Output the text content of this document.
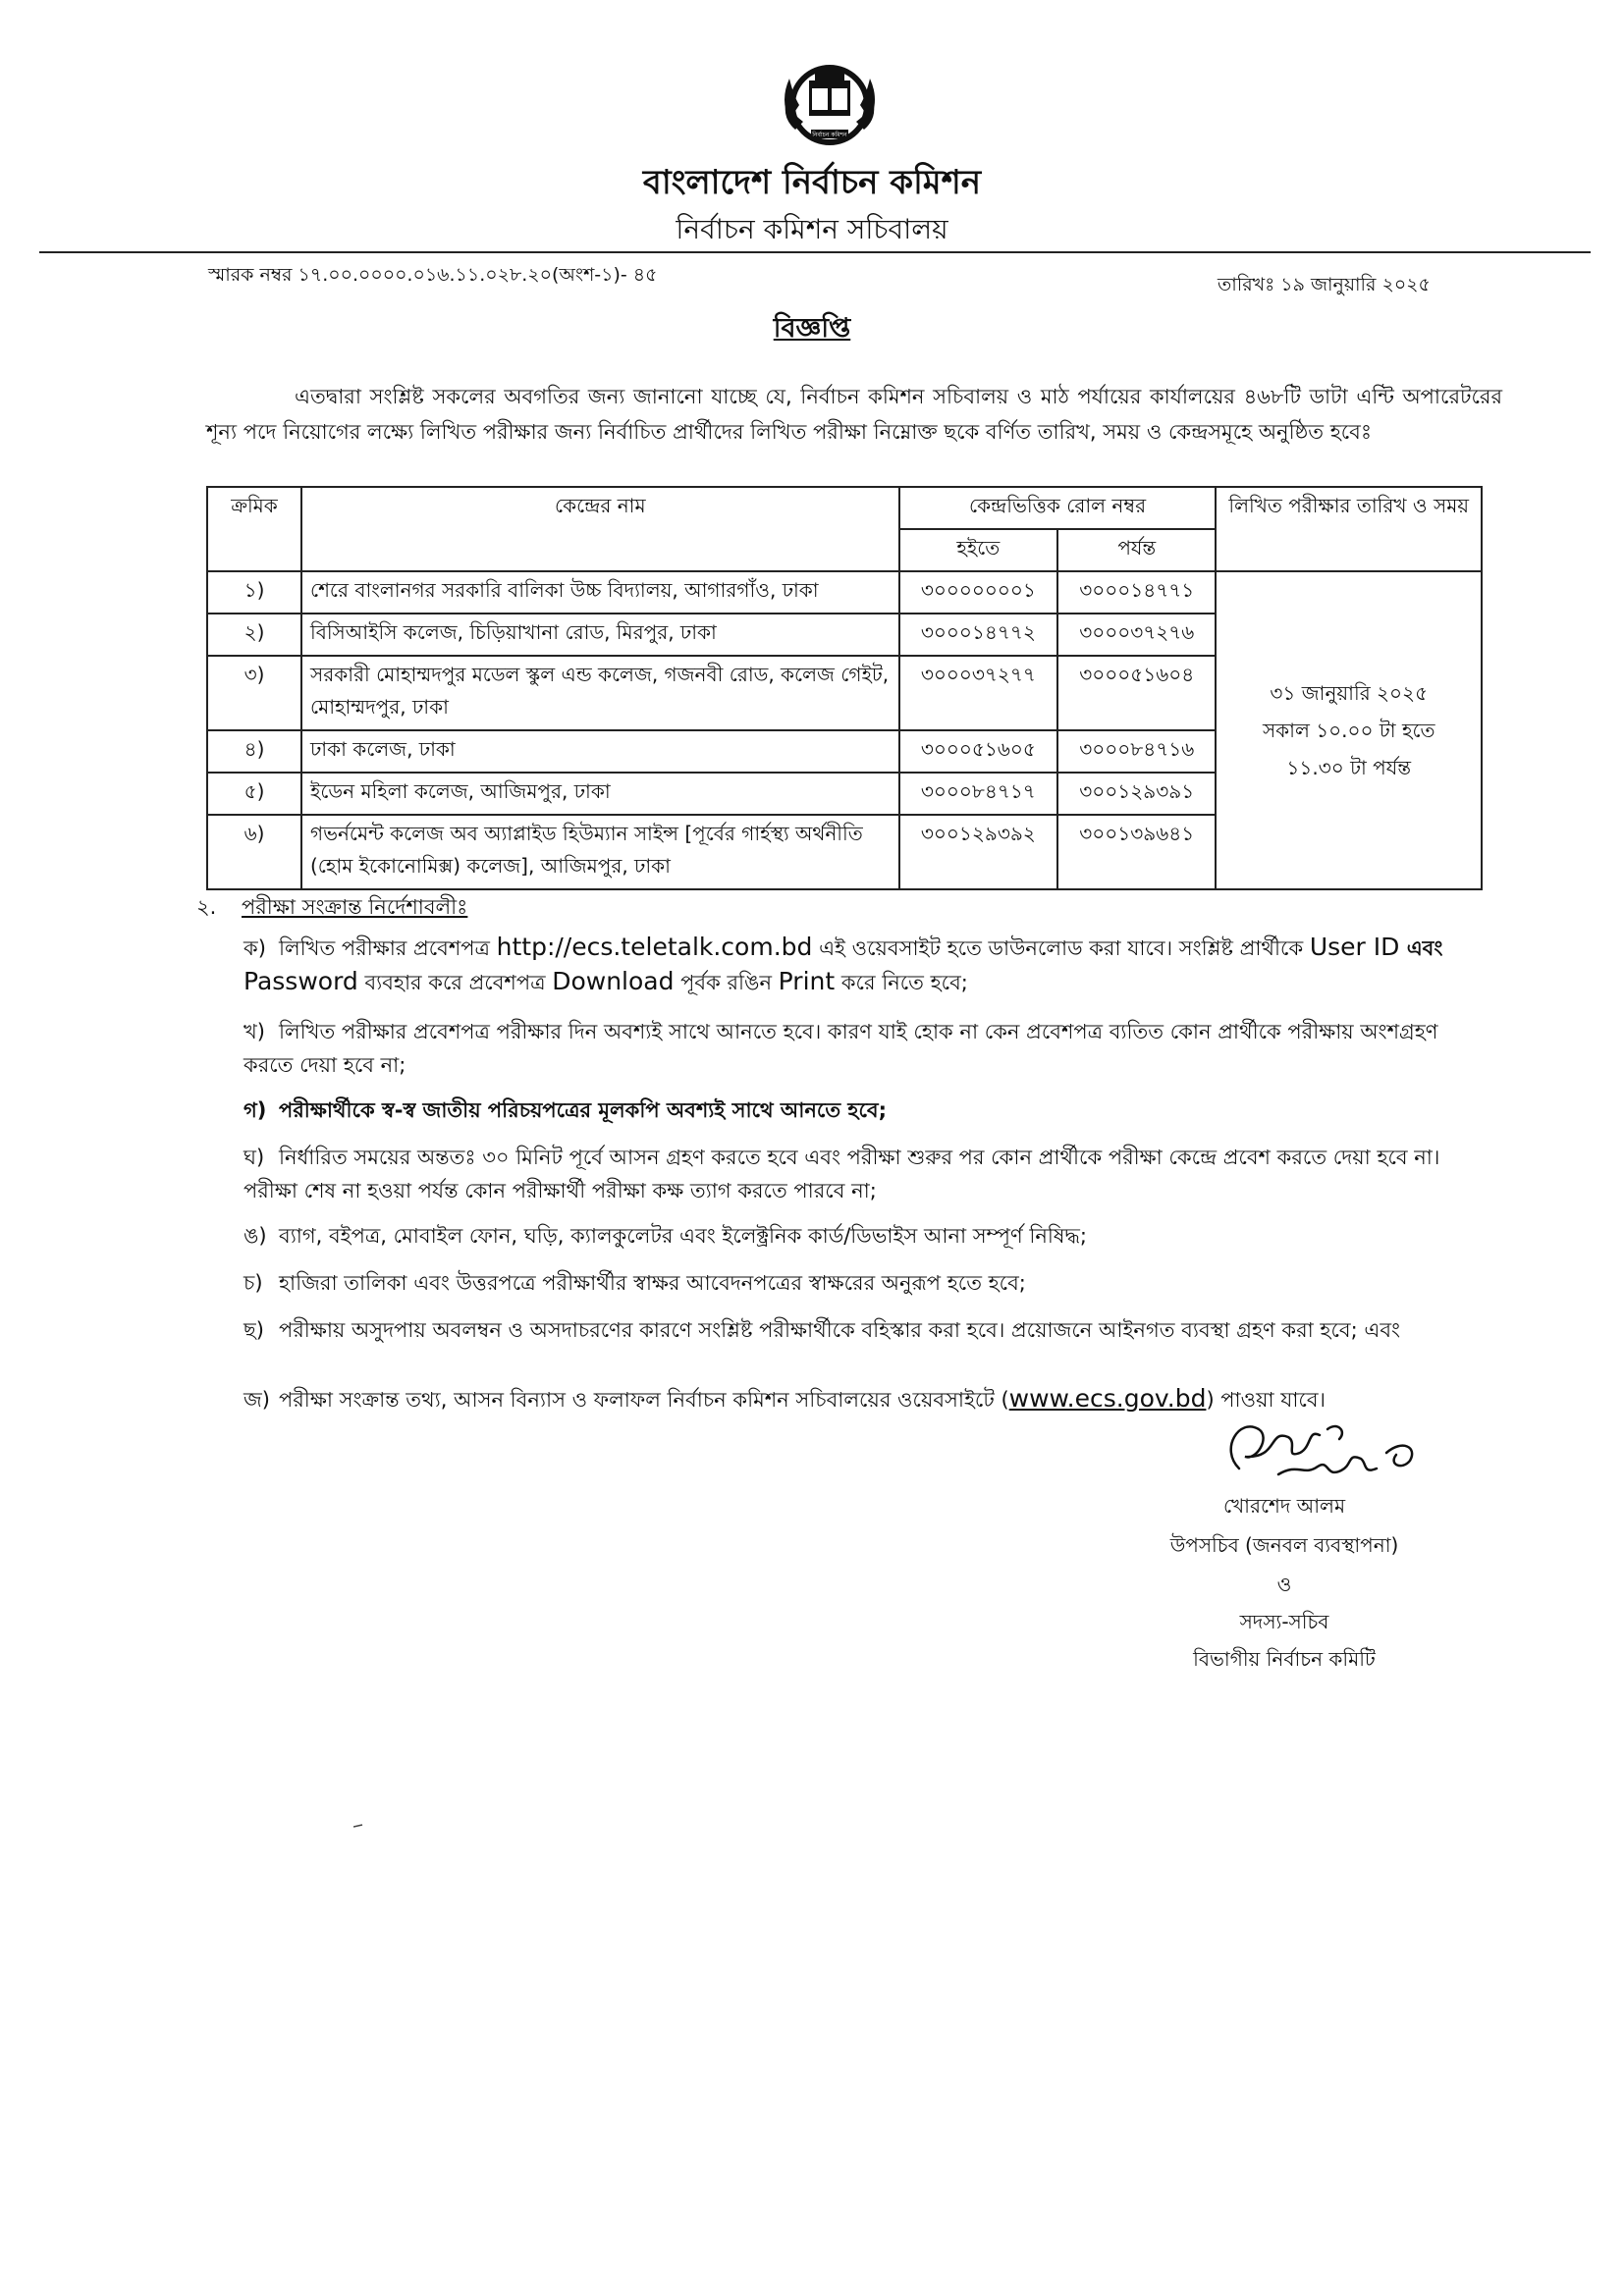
নির্বাচন কমিশন
বাংলাদেশ নির্বাচন কমিশন
নির্বাচন কমিশন সচিবালয়
স্মারক নম্বর ১৭.০০.০০০০.০১৬.১১.০২৮.২০(অংশ-১)- ৪৫	তারিখঃ ১৯ জানুয়ারি ২০২৫
বিজ্ঞপ্তি
এতদ্বারা সংশ্লিষ্ট সকলের অবগতির জন্য জানানো যাচ্ছে যে, নির্বাচন কমিশন সচিবালয় ও মাঠ পর্যায়ের কার্যালয়ের ৪৬৮টি ডাটা এন্টি অপারেটরের শূন্য পদে নিয়োগের লক্ষ্যে লিখিত পরীক্ষার জন্য নির্বাচিত প্রার্থীদের লিখিত পরীক্ষা নিম্নোক্ত ছকে বর্ণিত তারিখ, সময় ও কেন্দ্রসমূহে অনুষ্ঠিত হবেঃ
ক্রমিক	কেন্দ্রের নাম	কেন্দ্রভিত্তিক রোল নম্বর		লিখিত পরীক্ষার তারিখ ও সময়
		হইতে	পর্যন্ত	
১)	শেরে বাংলানগর সরকারি বালিকা উচ্চ বিদ্যালয়, আগারগাঁও, ঢাকা	৩০০০০০০০১	৩০০০১৪৭৭১	৩১ জানুয়ারি ২০২৫
সকাল ১০.০০ টা হতে
১১.৩০ টা পর্যন্ত

২)	বিসিআইসি কলেজ, চিড়িয়াখানা রোড, মিরপুর, ঢাকা	৩০০০১৪৭৭২	৩০০০৩৭২৭৬	
৩)	সরকারী মোহাম্মদপুর মডেল স্কুল এন্ড কলেজ, গজনবী রোড, কলেজ গেইট, মোহাম্মদপুর, ঢাকা	৩০০০৩৭২৭৭	৩০০০৫১৬০৪	
৪)	ঢাকা কলেজ, ঢাকা	৩০০০৫১৬০৫	৩০০০৮৪৭১৬	
৫)	ইডেন মহিলা কলেজ, আজিমপুর, ঢাকা	৩০০০৮৪৭১৭	৩০০১২৯৩৯১	
৬)	গভর্নমেন্ট কলেজ অব অ্যাপ্লাইড হিউম্যান সাইন্স [পূর্বের গার্হস্থ্য অর্থনীতি (হোম ইকোনোমিক্স) কলেজ], আজিমপুর, ঢাকা	৩০০১২৯৩৯২	৩০০১৩৯৬৪১	
২. পরীক্ষা সংক্রান্ত নির্দেশাবলীঃ
ক) লিখিত পরীক্ষার প্রবেশপত্র http://ecs.teletalk.com.bd এই ওয়েবসাইট হতে ডাউনলোড করা যাবে। সংশ্লিষ্ট প্রার্থীকে User ID এবং Password ব্যবহার করে প্রবেশপত্র Download পূর্বক রঙিন Print করে নিতে হবে;
খ) লিখিত পরীক্ষার প্রবেশপত্র পরীক্ষার দিন অবশ্যই সাথে আনতে হবে। কারণ যাই হোক না কেন প্রবেশপত্র ব্যতিত কোন প্রার্থীকে পরীক্ষায় অংশগ্রহণ করতে দেয়া হবে না;
গ) পরীক্ষার্থীকে স্ব-স্ব জাতীয় পরিচয়পত্রের মূলকপি অবশ্যই সাথে আনতে হবে;
ঘ) নির্ধারিত সময়ের অন্ততঃ ৩০ মিনিট পূর্বে আসন গ্রহণ করতে হবে এবং পরীক্ষা শুরুর পর কোন প্রার্থীকে পরীক্ষা কেন্দ্রে প্রবেশ করতে দেয়া হবে না। পরীক্ষা শেষ না হওয়া পর্যন্ত কোন পরীক্ষার্থী পরীক্ষা কক্ষ ত্যাগ করতে পারবে না;
ঙ) ব্যাগ, বইপত্র, মোবাইল ফোন, ঘড়ি, ক্যালকুলেটর এবং ইলেক্ট্রনিক কার্ড/ডিভাইস আনা সম্পূর্ণ নিষিদ্ধ;
চ) হাজিরা তালিকা এবং উত্তরপত্রে পরীক্ষার্থীর স্বাক্ষর আবেদনপত্রের স্বাক্ষরের অনুরূপ হতে হবে;
ছ) পরীক্ষায় অসুদপায় অবলম্বন ও অসদাচরণের কারণে সংশ্লিষ্ট পরীক্ষার্থীকে বহিস্কার করা হবে। প্রয়োজনে আইনগত ব্যবস্থা গ্রহণ করা হবে; এবং
জ) পরীক্ষা সংক্রান্ত তথ্য, আসন বিন্যাস ও ফলাফল নির্বাচন কমিশন সচিবালয়ের ওয়েবসাইটে (www.ecs.gov.bd) পাওয়া যাবে।
খোরশেদ আলম
উপসচিব (জনবল ব্যবস্থাপনা)
ও
সদস্য-সচিব
বিভাগীয় নির্বাচন কমিটি
